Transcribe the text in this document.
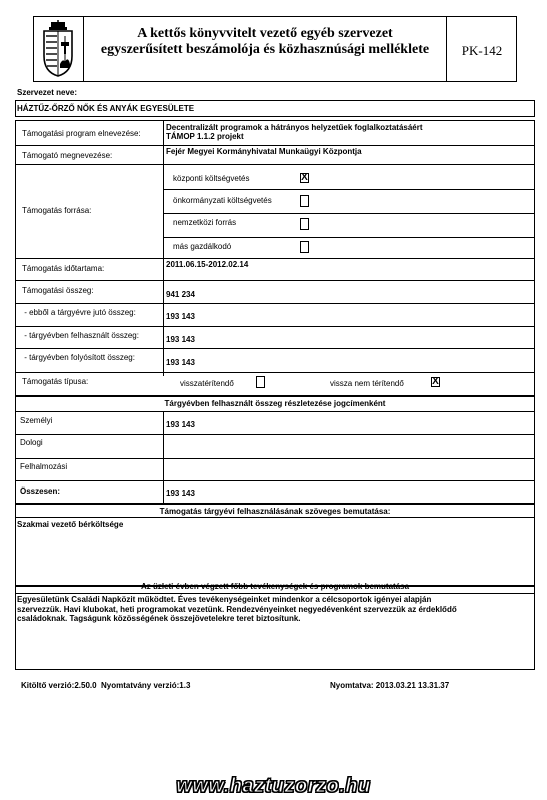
A kettős könyvvitelt vezető egyéb szervezet
egyszerűsített beszámolója és közhasznúsági melléklete	PK-142
Szervezet neve:
HÁZTŰZ-ŐRZŐ NŐK ÉS ANYÁK EGYESÜLETE
Támogatási program elnevezése:
Decentralizált programok a hátrányos helyzetűek foglalkoztatásáért
TÁMOP 1.1.2 projekt
Támogató megnevezése:	Fejér Megyei Kormányhivatal Munkaügyi Központja
Támogatás forrása:
központi költségvetés	X
önkormányzati költségvetés
nemzetközi forrás
más gazdálkodó
Támogatás időtartama:	2011.06.15-2012.02.14
Támogatási összeg:	941 234
- ebből a tárgyévre jutó összeg:	193 143
- tárgyévben felhasznált összeg:	193 143
- tárgyévben folyósított összeg:
193 143
Támogatás típusa:	visszatérítendő	vissza nem térítendő	X
Tárgyévben felhasznált összeg részletezése jogcímenként
Személyi	193 143
Dologi
Felhalmozási
Összesen:	193 143
Támogatás tárgyévi felhasználásának szöveges bemutatása:
Szakmai vezető bérköltsége
Az üzleti évben végzett főbb tevékenységek és programok bemutatása
Egyesületünk Családi Napközit működtet. Éves tevékenységeinket mindenkor a célcsoportok igényei alapján
szervezzük. Havi klubokat, heti programokat vezetünk. Rendezvényeinket negyedévenként szervezzük az érdeklődő
családoknak. Tagságunk közösségének összejövetelekre teret biztosítunk.
Kitöltő verzió:2.50.0  Nyomtatvány verzió:1.3	Nyomtatva: 2013.03.21 13.31.37
www.haztuzorzo.hu
